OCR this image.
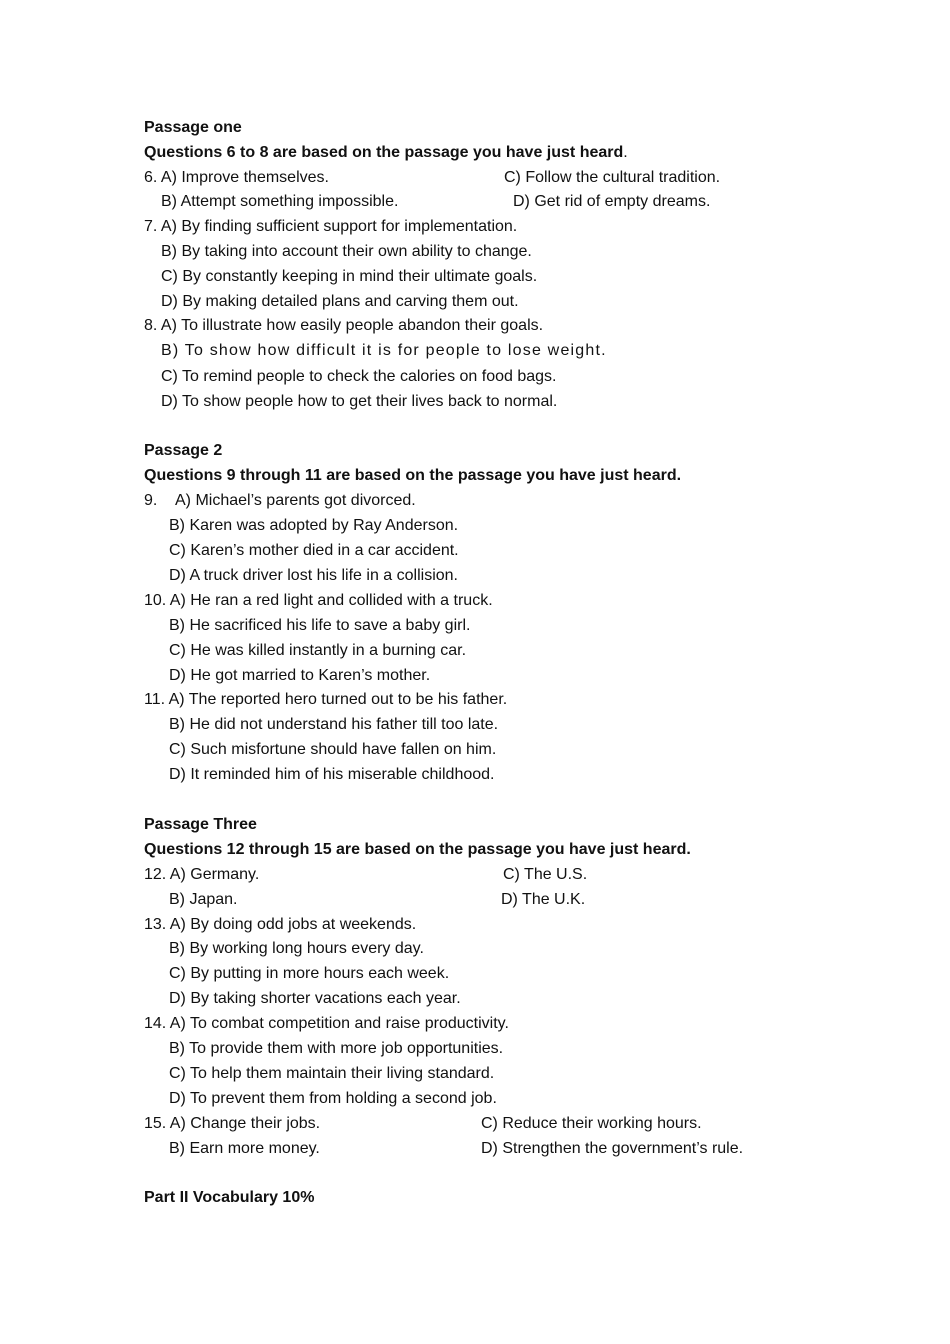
Passage one
Questions 6 to 8 are based on the passage you have just heard.
6. A) Improve themselves.	C) Follow the cultural tradition.
B) Attempt something impossible.	D) Get rid of empty dreams.
7. A) By finding sufficient support for implementation.
B) By taking into account their own ability to change.
C) By constantly keeping in mind their ultimate goals.
D) By making detailed plans and carving them out.
8. A) To illustrate how easily people abandon their goals.
B) To show how difficult it is for people to lose weight.
C) To remind people to check the calories on food bags.
D) To show people how to get their lives back to normal.
Passage 2
Questions 9 through 11 are based on the passage you have just heard.
9. A) Michael’s parents got divorced.
B) Karen was adopted by Ray Anderson.
C) Karen’s mother died in a car accident.
D) A truck driver lost his life in a collision.
10. A) He ran a red light and collided with a truck.
B) He sacrificed his life to save a baby girl.
C) He was killed instantly in a burning car.
D) He got married to Karen’s mother.
11. A) The reported hero turned out to be his father.
B) He did not understand his father till too late.
C) Such misfortune should have fallen on him.
D) It reminded him of his miserable childhood.
Passage Three
Questions 12 through 15 are based on the passage you have just heard.
12. A) Germany.	C) The U.S.
B) Japan.	D) The U.K.
13. A) By doing odd jobs at weekends.
B) By working long hours every day.
C) By putting in more hours each week.
D) By taking shorter vacations each year.
14. A) To combat competition and raise productivity.
B) To provide them with more job opportunities.
C) To help them maintain their living standard.
D) To prevent them from holding a second job.
15. A) Change their jobs.	C) Reduce their working hours.
B) Earn more money.	D) Strengthen the government’s rule.
Part II Vocabulary 10%
